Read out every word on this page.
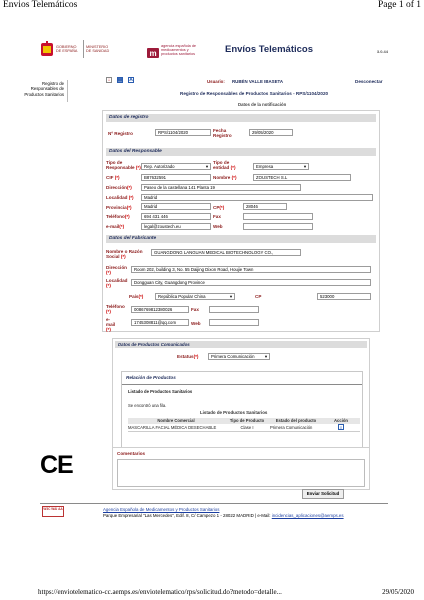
Envios Telemáticos	Page 1 of 1
GOBIERNO
DE ESPAÑA
MINISTERIO
DE SANIDAD	m
agencia española de
medicamentos y
productos sanitarios	Envíos Telemáticos	3.0.44
Registro de
Responsables de
Productos Sanitarios
↓	▦ A	Usuario: RUBÉN VALLE IBASETA	Desconectar
Registro de Responsables de Productos Sanitarios - RPS/1104/2020
Datos de la notificación
Datos de registro
Nº Registro	RPS/1104/2020	Fecha
Registro
29/05/2020
Datos del Responsable
Tipo de
Responsable (*) Rep. Autorizado	▾
Tipo de
entidad (*)	Empresa	▾
CIF (*)	B87632591	Nombre (*)	ZOUSTECH S.L
Dirección(*)	Paseo de la castellana 141 Planta 19
Localidad (*)	Madrid
Provincia(*)	Madrid	CP(*)	28046
Teléfono(*)	694 431 446	Fax
e-mail(*)	legal@zoustech.eu	Web
Datos del Fabricante
Nombre o Razón
Social (*)
GUANGDONG LANGUAN MEDICAL BIOTECHNOLOGY CO.,
Dirección
(*)
Room 202, building 3, No. 55 Daijing Dixon Road, Houjie Town
Localidad
(*)
Dongguan City, Guangdong Province
País(*)	República Popular China	▾	CP	523000
Teléfono
(*)	0086769812380026	Fax
e-
mail
(*)
1745308811@qq.com	Web
Datos de Productos Comunicados
Estatus(*)	Primera Comunicación ▾
Relación de Productos
Listado de Productos Sanitarios
Se encontró una fila.
Listado de Productos Sanitarios
Nombre Comercial	Tipo de Producto	Estado del producto	Acción
MASCARILLA FACIAL MÉDICA DESECHABLE	Clase I	Primera Comunicación	⌕
Comentarios
CE
Enviar Solicitud
W3C WAI AA	Agencia Española de Medicamentos y Productos Sanitarios
Parque Empresarial "Las Mercedes", Edif. 8, C/ Campezo 1 - 28022 MADRID | e-Mail: incidencias_aplicaciones@aemps.es
https://enviotelematico-cc.aemps.es/enviotelematico/rps/solicitud.do?metodo=detalle...	29/05/2020
